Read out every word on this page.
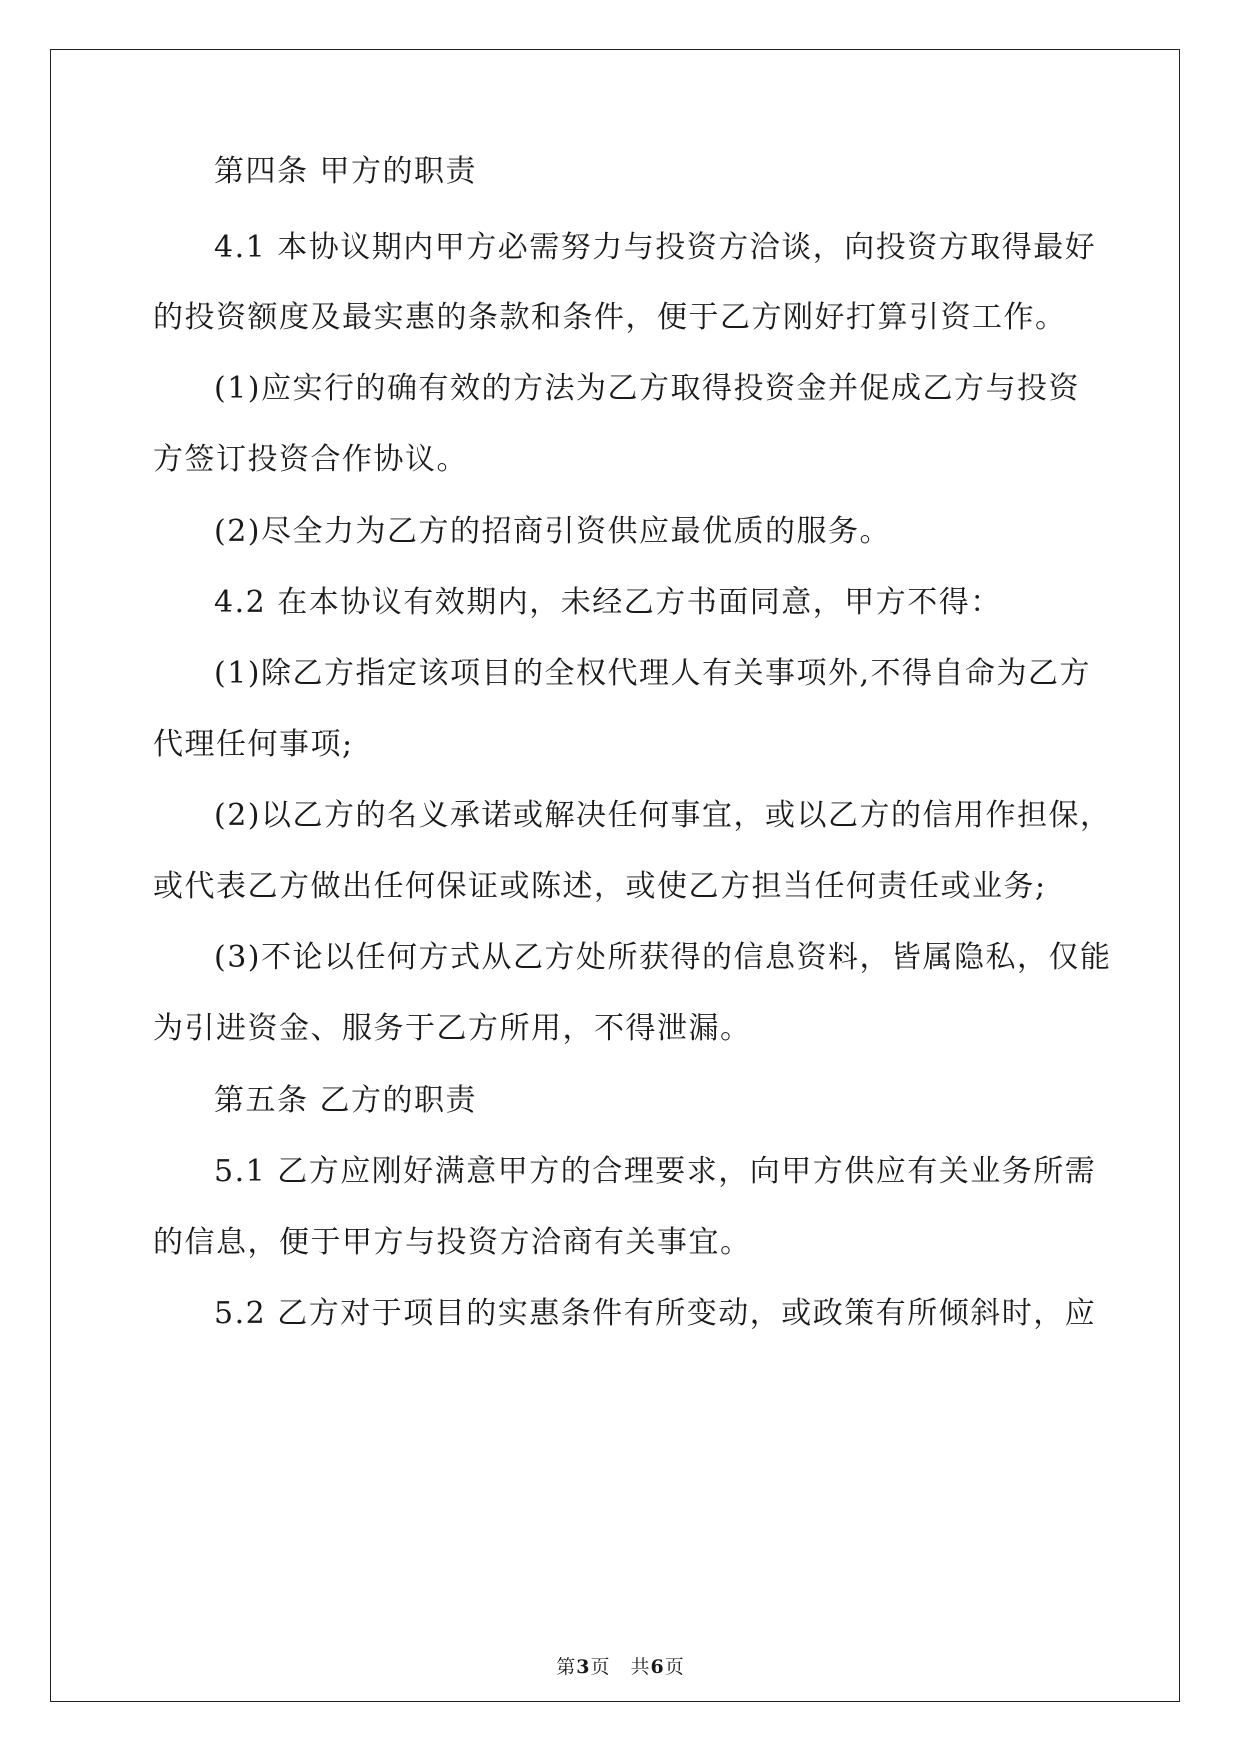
第四条 甲方的职责
4.1 本协议期内甲方必需努力与投资方洽谈，向投资方取得最好
的投资额度及最实惠的条款和条件，便于乙方刚好打算引资工作。
(1)应实行的确有效的方法为乙方取得投资金并促成乙方与投资
方签订投资合作协议。
(2)尽全力为乙方的招商引资供应最优质的服务。
4.2 在本协议有效期内，未经乙方书面同意，甲方不得：
(1)除乙方指定该项目的全权代理人有关事项外,不得自命为乙方
代理任何事项;
(2)以乙方的名义承诺或解决任何事宜，或以乙方的信用作担保，
或代表乙方做出任何保证或陈述，或使乙方担当任何责任或业务;
(3)不论以任何方式从乙方处所获得的信息资料，皆属隐私，仅能
为引进资金、服务于乙方所用，不得泄漏。
第五条 乙方的职责
5.1 乙方应刚好满意甲方的合理要求，向甲方供应有关业务所需
的信息，便于甲方与投资方洽商有关事宜。
5.2 乙方对于项目的实惠条件有所变动，或政策有所倾斜时，应
第3页　共6页
